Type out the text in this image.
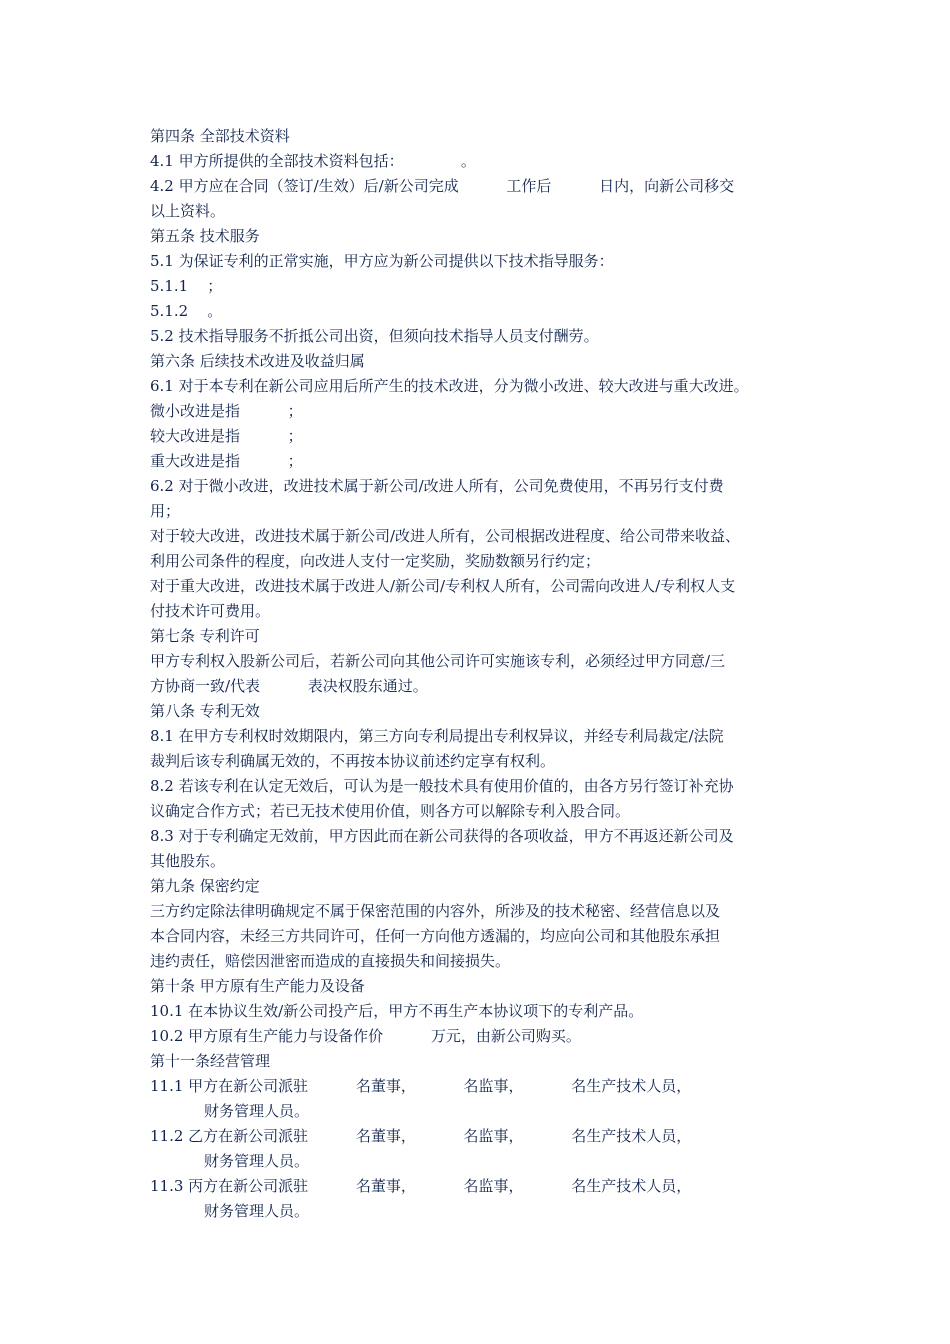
第四条 全部技术资料
4.1 甲方所提供的全部技术资料包括：            。
4.2 甲方应在合同（签订/生效）后/新公司完成          工作后          日内，向新公司移交
以上资料。
第五条 技术服务
5.1 为保证专利的正常实施，甲方应为新公司提供以下技术指导服务：
5.1.1    ；
5.1.2    。
5.2 技术指导服务不折抵公司出资，但须向技术指导人员支付酬劳。
第六条 后续技术改进及收益归属
6.1 对于本专利在新公司应用后所产生的技术改进，分为微小改进、较大改进与重大改进。
微小改进是指          ；
较大改进是指          ；
重大改进是指          ；
6.2 对于微小改进，改进技术属于新公司/改进人所有，公司免费使用，不再另行支付费
用；
对于较大改进，改进技术属于新公司/改进人所有，公司根据改进程度、给公司带来收益、
利用公司条件的程度，向改进人支付一定奖励，奖励数额另行约定；
对于重大改进，改进技术属于改进人/新公司/专利权人所有，公司需向改进人/专利权人支
付技术许可费用。
第七条 专利许可
甲方专利权入股新公司后，若新公司向其他公司许可实施该专利，必须经过甲方同意/三
方协商一致/代表          表决权股东通过。
第八条 专利无效
8.1 在甲方专利权时效期限内，第三方向专利局提出专利权异议，并经专利局裁定/法院
裁判后该专利确属无效的，不再按本协议前述约定享有权利。
8.2 若该专利在认定无效后，可认为是一般技术具有使用价值的，由各方另行签订补充协
议确定合作方式；若已无技术使用价值，则各方可以解除专利入股合同。
8.3 对于专利确定无效前，甲方因此而在新公司获得的各项收益，甲方不再返还新公司及
其他股东。
第九条 保密约定
三方约定除法律明确规定不属于保密范围的内容外，所涉及的技术秘密、经营信息以及
本合同内容，未经三方共同许可，任何一方向他方透漏的，均应向公司和其他股东承担
违约责任，赔偿因泄密而造成的直接损失和间接损失。
第十条 甲方原有生产能力及设备
10.1 在本协议生效/新公司投产后，甲方不再生产本协议项下的专利产品。
10.2 甲方原有生产能力与设备作价          万元，由新公司购买。
第十一条经营管理
11.1 甲方在新公司派驻          名董事，          名监事，          名生产技术人员，
财务管理人员。
11.2 乙方在新公司派驻          名董事，          名监事，          名生产技术人员，
财务管理人员。
11.3 丙方在新公司派驻          名董事，          名监事，          名生产技术人员，
财务管理人员。
